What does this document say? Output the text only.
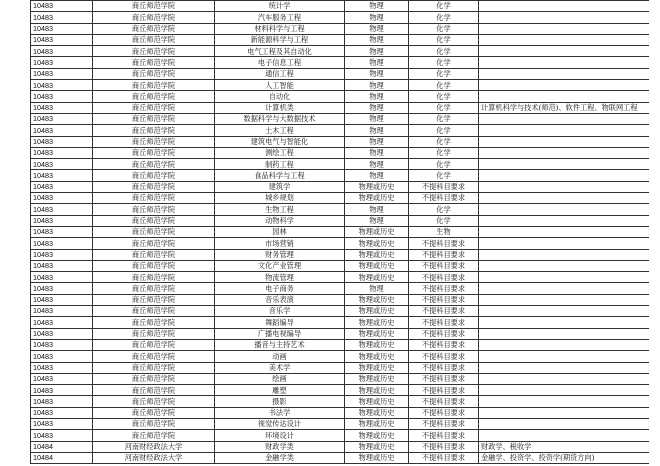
10483	商丘师范学院	统计学	物理	化学	
10483	商丘师范学院	汽车服务工程	物理	化学	
10483	商丘师范学院	材料科学与工程	物理	化学	
10483	商丘师范学院	新能源科学与工程	物理	化学	
10483	商丘师范学院	电气工程及其自动化	物理	化学	
10483	商丘师范学院	电子信息工程	物理	化学	
10483	商丘师范学院	通信工程	物理	化学	
10483	商丘师范学院	人工智能	物理	化学	
10483	商丘师范学院	自动化	物理	化学	
10483	商丘师范学院	计算机类	物理	化学	计算机科学与技术(师范)、软件工程、物联网工程
10483	商丘师范学院	数据科学与大数据技术	物理	化学	
10483	商丘师范学院	土木工程	物理	化学	
10483	商丘师范学院	建筑电气与智能化	物理	化学	
10483	商丘师范学院	测绘工程	物理	化学	
10483	商丘师范学院	制药工程	物理	化学	
10483	商丘师范学院	食品科学与工程	物理	化学	
10483	商丘师范学院	建筑学	物理或历史	不提科目要求	
10483	商丘师范学院	城乡规划	物理或历史	不提科目要求	
10483	商丘师范学院	生物工程	物理	化学	
10483	商丘师范学院	动物科学	物理	化学	
10483	商丘师范学院	园林	物理或历史	生物	
10483	商丘师范学院	市场营销	物理或历史	不提科目要求	
10483	商丘师范学院	财务管理	物理或历史	不提科目要求	
10483	商丘师范学院	文化产业管理	物理或历史	不提科目要求	
10483	商丘师范学院	物流管理	物理或历史	不提科目要求	
10483	商丘师范学院	电子商务	物理	不提科目要求	
10483	商丘师范学院	音乐表演	物理或历史	不提科目要求	
10483	商丘师范学院	音乐学	物理或历史	不提科目要求	
10483	商丘师范学院	舞蹈编导	物理或历史	不提科目要求	
10483	商丘师范学院	广播电视编导	物理或历史	不提科目要求	
10483	商丘师范学院	播音与主持艺术	物理或历史	不提科目要求	
10483	商丘师范学院	动画	物理或历史	不提科目要求	
10483	商丘师范学院	美术学	物理或历史	不提科目要求	
10483	商丘师范学院	绘画	物理或历史	不提科目要求	
10483	商丘师范学院	雕塑	物理或历史	不提科目要求	
10483	商丘师范学院	摄影	物理或历史	不提科目要求	
10483	商丘师范学院	书法学	物理或历史	不提科目要求	
10483	商丘师范学院	视觉传达设计	物理或历史	不提科目要求	
10483	商丘师范学院	环境设计	物理或历史	不提科目要求	
10484	河南财经政法大学	财政学类	物理或历史	不提科目要求	财政学、税收学
10484	河南财经政法大学	金融学类	物理或历史	不提科目要求	金融学、投资学、投资学(期货方向)
